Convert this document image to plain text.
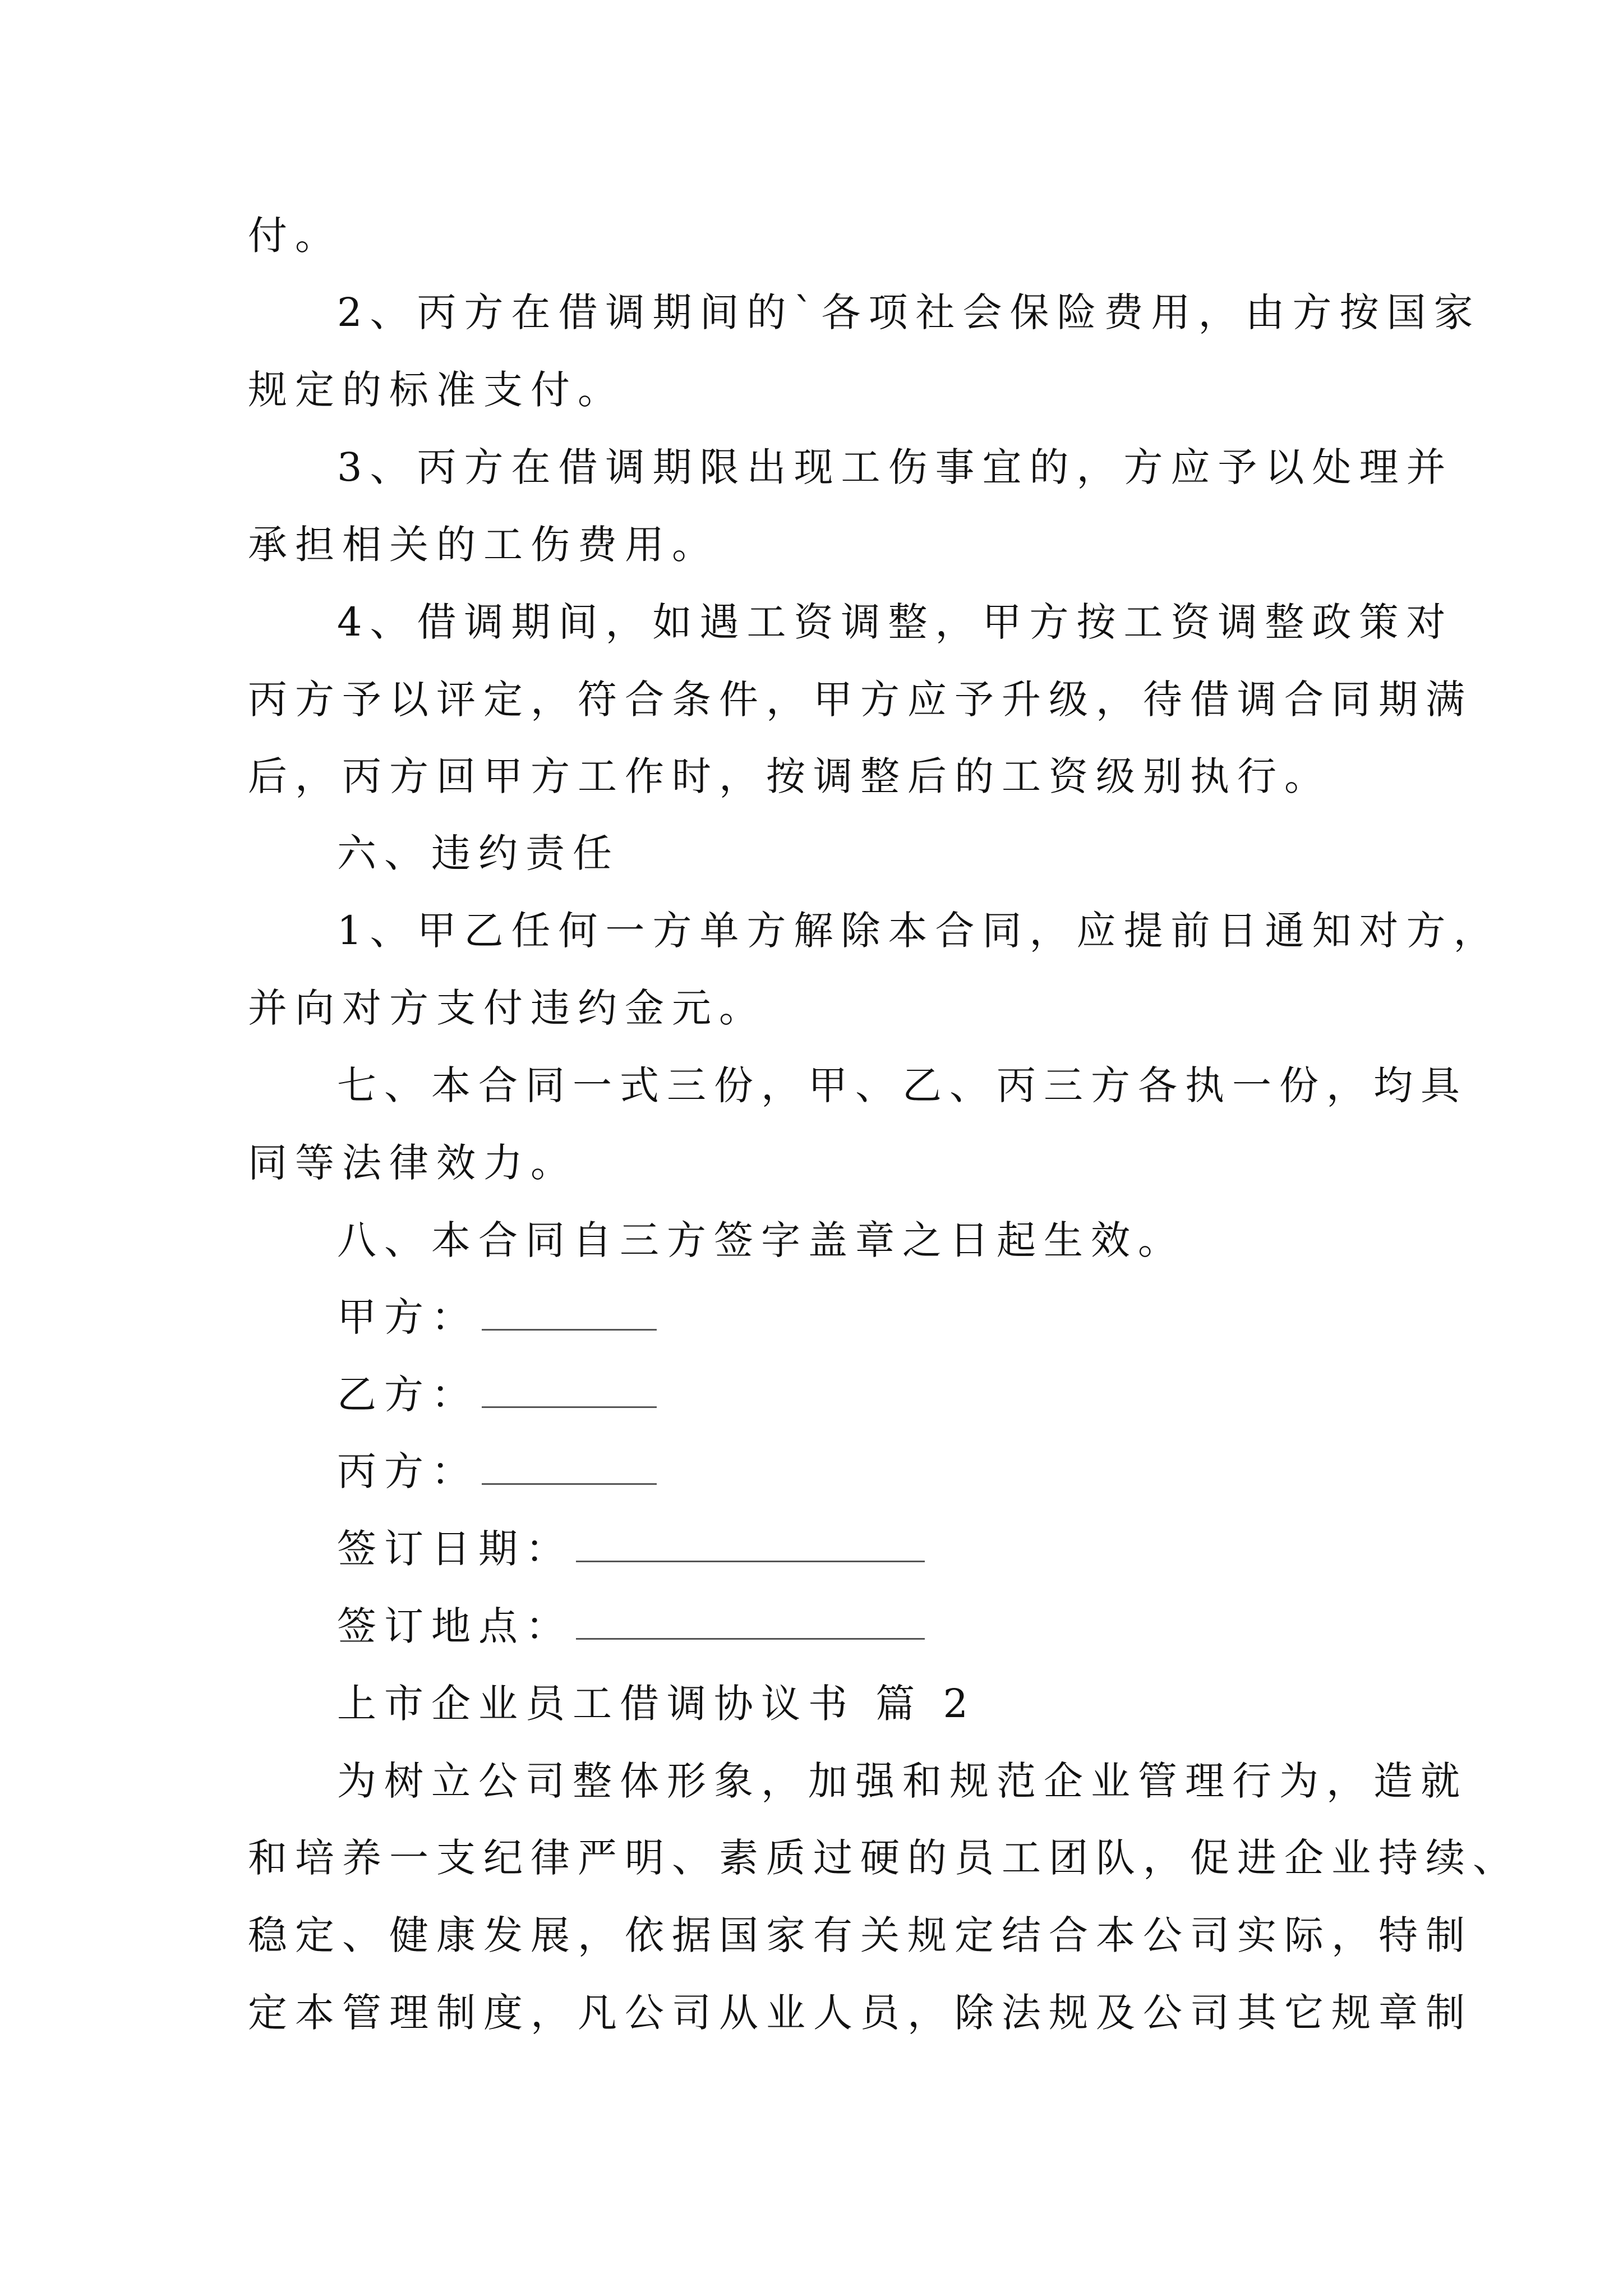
付。
2、丙方在借调期间的`各项社会保险费用，由方按国家
规定的标准支付。
3、丙方在借调期限出现工伤事宜的，方应予以处理并
承担相关的工伤费用。
4、借调期间，如遇工资调整，甲方按工资调整政策对
丙方予以评定，符合条件，甲方应予升级，待借调合同期满
后，丙方回甲方工作时，按调整后的工资级别执行。
六、违约责任
1、甲乙任何一方单方解除本合同，应提前日通知对方，
并向对方支付违约金元。
七、本合同一式三份，甲、乙、丙三方各执一份，均具
同等法律效力。
八、本合同自三方签字盖章之日起生效。
甲方：
乙方：
丙方：
签订日期：
签订地点：
上市企业员工借调协议书 篇 2
为树立公司整体形象，加强和规范企业管理行为，造就
和培养一支纪律严明、素质过硬的员工团队，促进企业持续、
稳定、健康发展，依据国家有关规定结合本公司实际，特制
定本管理制度，凡公司从业人员，除法规及公司其它规章制
